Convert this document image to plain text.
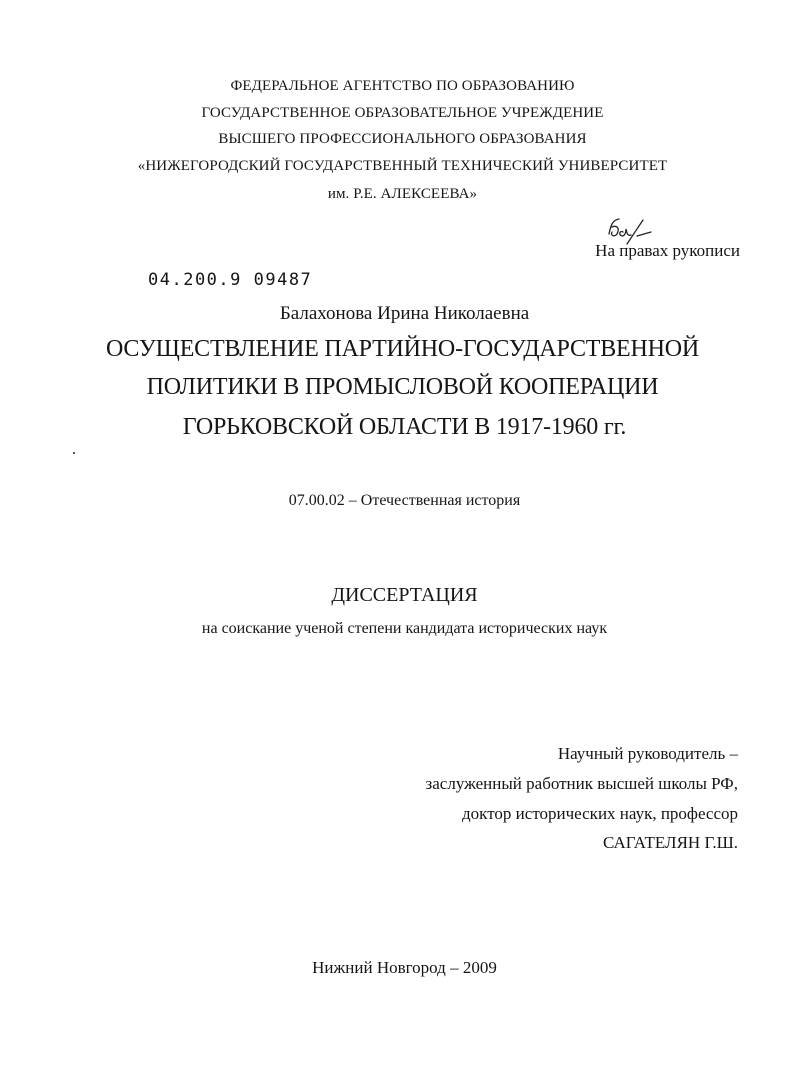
ФЕДЕРАЛЬНОЕ АГЕНТСТВО ПО ОБРАЗОВАНИЮ
ГОСУДАРСТВЕННОЕ ОБРАЗОВАТЕЛЬНОЕ УЧРЕЖДЕНИЕ
ВЫСШЕГО ПРОФЕССИОНАЛЬНОГО ОБРАЗОВАНИЯ
«НИЖЕГОРОДСКИЙ ГОСУДАРСТВЕННЫЙ ТЕХНИЧЕСКИЙ УНИВЕРСИТЕТ
им. Р.Е. АЛЕКСЕЕВА»
На правах рукописи
04.200.9 09487
Балахонова Ирина Николаевна
ОСУЩЕСТВЛЕНИЕ ПАРТИЙНО-ГОСУДАРСТВЕННОЙ
ПОЛИТИКИ В ПРОМЫСЛОВОЙ КООПЕРАЦИИ
ГОРЬКОВСКОЙ ОБЛАСТИ В 1917-1960 гг.
07.00.02 – Отечественная история
ДИССЕРТАЦИЯ
на соискание ученой степени кандидата исторических наук
Научный руководитель –
заслуженный работник высшей школы РФ,
доктор исторических наук, профессор
САГАТЕЛЯН Г.Ш.
Нижний Новгород – 2009
